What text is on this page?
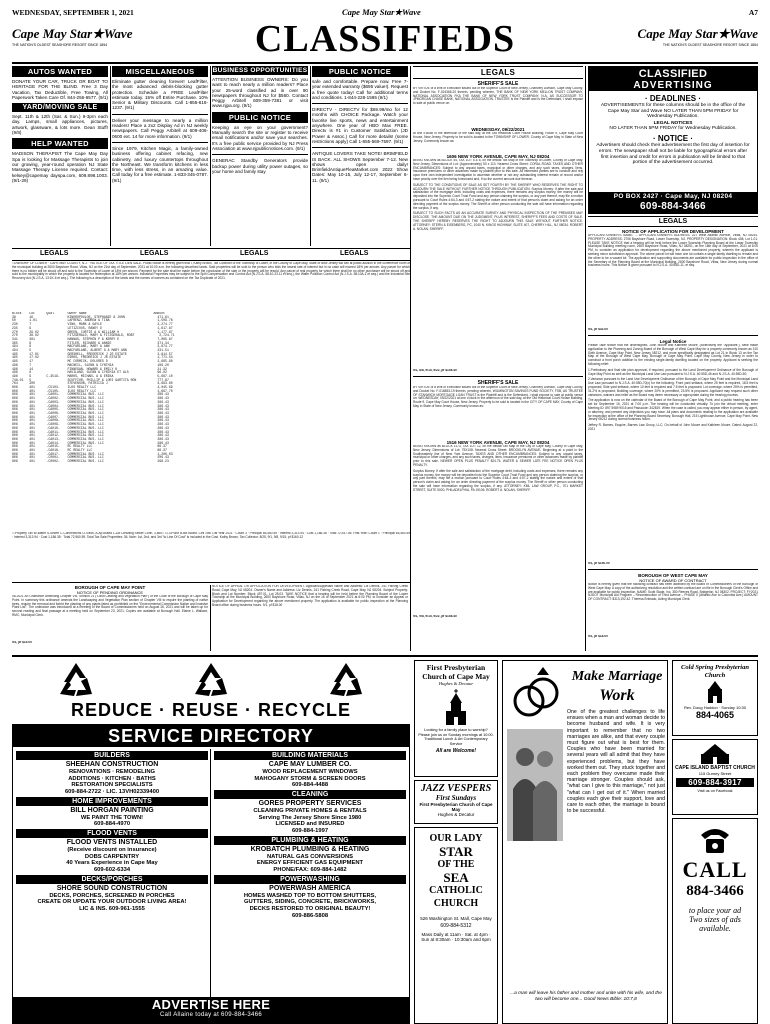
WEDNESDAY, SEPTEMBER 1, 2021	Cape May Star★Wave	A7
Cape May Star★Wave
THE NATION'S OLDEST SEASHORE RESORT SINCE 1854	CLASSIFIEDS	Cape May Star★Wave
THE NATION'S OLDEST SEASHORE RESORT SINCE 1854
AUTOS WANTED
DONATE YOUR CAR, TRUCK OR BOAT TO HERITAGE FOR THE BLIND. Free 3 Day Vacation, Tax Deductible, Free Towing, All Paperwork Taken Care Of. 844-256-6577. (9/1)
YARD/MOVING SALE
Sept. 11th & 12th (Sat. & Sun.) 9-3pm each day. Lamps, small appliances, pictures, artwork, glassware, & lots more. Gean Stuff! (9/8)
HELP WANTED
MADISON THERAPIST The Cape May Day Spa is looking for Massage Therapists to join our growing, year-round operation NJ State Massage Therapy License required. Contact: kelsey@capemay dayspa.com, 609.898.1003. (9/1-29)
MISCELLANEOUS
Eliminate gutter cleaning forever! LeafFilter, the most advanced debris-blocking gutter protection. Schedule a FREE LeafFilter estimate today. 15% off Entire Purchase. 10% Senior & Military Discounts. Call 1-855-616-1237. (9/1)
Deliver your message to nearly a million readers! Place a 2x2 Display Ad in NJ weekly newspapers. Call Peggy Arbitell at 609-406-0600 ext. 14 for more information. (9/1)
Since 1979, Kitchen Magic, a family-owned business offering cabinet refacing, new cabinetry, and luxury countertops throughout the Northeast. We transform kitchens in less time, with less stress, in an amazing value. Call today for a free estimate. 1-833-345-0787. (9/1)
BUSINESS OPPORTUNITIES
ATTENTION BUSINESS OWNERS: Do you want to reach nearly a million readers? Place your 25-word classified ad in over 90 newspapers throughout NJ for $560. Contact Peggy Arbitell 609-359-7381 or visit www.njpa.org. (9/1)
PUBLIC NOTICE
Keeping an eye on your government? Manually search the site or register to receive email notifications and/or save your searches. It's a free public service provided by NJ Press Association at www.njpublicnotices.com. (9/1)
GENERAC Standby Generators provide backup power during utility power outages, so your home and family stay
PUBLIC NOTICE
safe and comfortable. Prepare now. Free 7-year extended warranty ($695 value!). Request a free quote today! Call for additional terms and conditions. 1-844-228-1595 (9/1)
DIRECTV - DIRECTV for $69.99/mo for 12 months with CHOICE Package. Watch your favorite live sports, news and entertainment anywhere. One year of HBO Max FREE. Directv is #1 in Customer Satisfaction (JD Power & Assoc.) Call for more details! (some restrictions apply) Call 1-855-569-7597. (9/1)
ANTIQUE LOVERS TAKE NOTE! BRIMFIELD IS BACK. ALL SHOWS September 7-12. New shows open daily! BrimfieldAntiqueFleaMarket.com 2022 Show Dates: May 10-15, July 12-17, September 6-11. (9/1)
LEGALS
SHERIFF'S SALE
BY VIRTUE of a Writ of Execution issued out of the Superior Court of New Jersey, Chancery Division, Cape May County, and Docket No. F-024365-20 therein, pending wherein, THE BANK OF NEW YORK MELLON TRUST COMPANY, NATIONAL ASSOCIATION FKA THE BANK OF NEW YORK TRUST COMPANY, N.A. AS SUCCESSOR TO JPMORGAN CHASE BANK, NATIONAL ASSOCIATION, TRUSTEE is the Plaintiff and is the Defendant, I shall expose to sale at public venue on:
WEDNESDAY, 09/22/2021
at one o'clock in the afternoon of the said day, at the Old Historical Court House Building, Route 9, Cape May Court House, New Jersey. Property to be sold is located in the TOWNSHIP OF LOWER, County of Cape May in State of New Jersey. Commonly known as:
1606 NEW YORK AVENUE, CAPE MAY, NJ 08204

BEING KNOWN as BLOCK 44, TAX LOT 5 & 6, on the official Tax Map of the Township of Lower, County of Cape May, New Jersey. Dimensions of Lot: (Approximately) 50 x 110. Nearest Cross Street: CORAL ROAD. TAXES AND OTHER ENCUMBRANCES: Subject to any unpaid taxes, municipal or other charges, and any such taxes, charges, liens, insurance premiums or other advances made by plaintiff prior to this sale. All interested parties are to conduct and rely upon their own independent investigation to ascertain whether or not any outstanding interest remain of record and/or have priority over the lien being foreclosed and, if so the current amount due thereon.

SUBJECT TO THE CONDITIONS OF SALE AS SET FOURTH BY THE SHERIFF WHO RESERVES THE RIGHT TO ADJOURN THE SALE WITHOUT FURTHER NOTICE THROUGH PUBLICATION. Surplus Money: If after the sale and satisfaction of the mortgage debt, including costs and expenses, there remains any surplus money, the money will be deposited into the Superior Court Trust Fund and any person claiming the surplus, or any part thereof, may file a motion pursuant to Court Rules 4:64-3 and 4:57-2 stating the nature and extent of that person's claim and asking for an order directing payment of the surplus money. The Sheriff or other person conducting the sale will have information regarding the surplus, if any.

SUBJECT TO SUCH FACTS AS AN ACCURATE SURVEY AND PHYSICAL INSPECTION OF THE PREMISES MAY DISCLOSE. THE AMOUNT DUE ON THE JUDGMENT, PLUS INTEREST, SHERIFF'S FEES AND COSTS OF SALE. THE SHERIFF HEREBY RESERVES THE RIGHT TO ADJOURN THIS SALE WITHOUT FURTHER NOTICE. ATTORNEY: STERN & EISENBERG, PC, 1040 N. KINGS HIGHWAY, SUITE 407, CHERRY HILL, NJ 08034. ROBERT A. NOLAN, SHERIFF.

9/1, 8/8, 9/15, 9/22, pf $158.40
SHERIFF'S SALE
BY VIRTUE of a Writ of Execution issued out of the Superior Court of New Jersey, Chancery Division, Cape May County, and Docket No. F-016853-19 therein, pending wherein, WILMINGTON SAVINGS FUND SOCIETY, FSB, AS TRUSTEE OF STANWICH MORTGAGE LOAN TRUST is the Plaintiff and is the Defendant, I shall expose to sale at public venue on: WEDNESDAY, 09/22/2021 at one o'clock in the afternoon of the said day, at the Old Historical Court House Building, Route 9, Cape May Court House, New Jersey. Property to be sold is located in the CITY OF CAPE MAY, County of Cape May in State of New Jersey. Commonly known as:
1516 NEW YORK AVENUE, CAPE MAY, NJ 08204

BEING KNOWN as BLOCK 1173, TAX LOT 12, on the official Tax Map of the City of Cape May, County of Cape May, New Jersey. Dimensions of Lot: 75X108. Nearest Cross Street: BROOKLYN AVENUE. Beginning at a point in the Southeasterly line of New York Avenue. TAXES AND OTHER ENCUMBRANCES: Subject to any unpaid taxes, municipal or other charges, and any such taxes, charges, liens, insurance premiums or other advances made by plaintiff prior to this sale. NEWER OPEN PLUS PENALTY $24.75. WATER & SEWER LATE FEE NOTICE OPEN PLUS PENALTY.

Surplus Money: If after the sale and satisfaction of the mortgage debt, including costs and expenses, there remains any surplus money, the money will be deposited into the Superior Court Trust Fund and any person claiming the surplus, or any part thereof, may file a motion pursuant to Court Rules 4:64-3 and 4:57-2 stating the nature and extent of that person's claim and asking for an order directing payment of the surplus money. The Sheriff or other person conducting the sale will have information regarding the surplus, if any. ATTORNEY: KML LAW GROUP, P.C., 701 MARKET STREET, SUITE 5000, PHILADELPHIA, PA 19106. ROBERT A. NOLAN, SHERIFF.

9/1, 9/8, 9/15, 9/22, pf $158.40
CLASSIFIED
ADVERTISING
· DEADLINES ·
ADVERTISEMENTS for these columns should be in the office of the Cape May Star and Wave NO LATER THAN 5PM FRIDAY for Wednesday Publication.
LEGAL NOTICES
NO LATER THAN 5PM FRIDAY for Wednesday Publication.
· NOTICE ·
Advertisers should check their advertisement the first day of insertion for errors. The newspaper shall not be liable for typographical errors after first insertion and credit for errors in publication will be limited to that portion of the advertisement occurred.
PO BOX 2427 · Cape May, NJ 08204
609-884-3466
LEGALS
NOTICE OF APPLICATION FOR DEVELOPMENT
APPLICANT/OWNER'S NAME: ... APPLICANT/OWNER'S ADDRESS: 227 West Atlantic Avenue, Villas, NJ 08251. PROPERTY ADDRESS: 2706 Bayshore Road, Lower Township, NJ. PROPERTY DESIGNATION: Block 408, Lot 1.01. PLEASE TAKE NOTICE that a hearing will be held before the Lower Township Planning Board at the Lower Township Municipal Building meeting room, 2600 Bayshore Road, Villas, NJ 08251, on the 16th day of September, 2021 at 6:00 PM, to consider an application for development regarding the above mentioned property, wherein the applicant is seeking minor subdivision approval. The above parcel lot will have one lot contain a single family dwelling to remain and the other to be a vacant lot. The application and supporting documents are available for public inspection in the office of the Secretary of the Planning Board at the Municipal Building, 2600 Bayshore Road, Villas, New Jersey during normal business hours. This Notice is given pursuant to N.J.S.A. 40:55D-11, et seq.
9/1, pf $32.00
Legal Notice

Please Take Notice that the undersigned, John Moore and Kathleen Moore, (collectively the "Applicant"), have made application to the Planning and Zoning Board of the Borough of West Cape May for a property commonly known as 310 Sixth Avenue, Cape May Point, New Jersey 08212, and more specifically designated as Lot 21 in Block 13 on the Tax Map of the Borough of West Cape May, Borough of Cape May Point. Cape May County, New Jersey in order to construct a front porch addition to the existing single-family dwelling located on the property. Applicant is seeking the following relief:

1.Preliminary and final site plan approval, if required, pursuant to the Land Development Ordinance of the Borough of Cape May Point as well as the Municipal Land Use Law pursuant to N.J.S.A. 40:55D-46 and N.J.S.A. 40:55D-50;

2.Variance pursuant to the Land Use Development Ordinance of the Borough of Cape May Point and the Municipal Land Use Law pursuant to N.J.S.A. 40:55D-70(c) for the following: Front yard setback, where 25 feet is required, 18.5 feet is proposed; Side yard setback, where 10 feet is required and 7.5 feet is proposed; Lot coverage, where 25% is permitted, 31.2% is proposed; Building coverage, where 20% is permitted, 23.5% is proposed. Applicant may request such other variances, waivers and relief as the Board may deem necessary or appropriate during the hearing process.

The application is now on the calendar of the Board of the Borough of Cape May Point, and a public hearing has been set for September 15, 2021 at 7:00 p.m. The hearing will be conducted virtually. To join the virtual meeting, enter Meeting ID: 897 5989 9015 and Passcode: 342819. When the case is called, you may appear either in person, by agent, or attorney, and present any objections you may have. All plans and documents relating to the application are available for inspection at the office of the Planning Board Secretary, Borough Hall, 215 Lighthouse Avenue, Cape May Point, New Jersey 08212 during normal business hours.

Jeffrey R. Barnes, Esquire, Barnes Law Group, LLC, On behalf of John Moore and Kathleen Moore. Dated: August 22, 2021

9/1, pf $150.00
BOROUGH OF WEST CAPE MAY
NOTICE OF AWARD OF CONTRACT
Notice is hereby given that the following contract has been awarded by the Board of Commissioners of the Borough of West Cape May. A copy of the authorizing resolution and the written contract are on file in the Borough Clerk's Office and are available for public inspection. NAME: Scott Slade, Inc. 350 Reeves Road, Bridgeton, NJ 08302. PROJECT: FY2021 NJDOT Municipal Aid Program – Reconstruction of Third Avenue – PHASE II (Atlantic Ave to Columbia Ave.) AMOUNT OF CONTRACT: $313,192.42. Theresa Enteado, Acting Municipal Clerk.
9/1, pf $18.00
LEGALS	LEGALS	LEGALS	LEGALS
TOWNSHIP OF LOWER · CAPE MAY COUNTY, N.J. · NOTICE OF TAX TITLE LIEN SALE. Public notice is hereby given that I, Kathy Brown, Tax Collector of the Township of Lower, in the County of Cape May, State of New Jersey will sell at public auction in the conference room of the municipal building at 2600 Bayshore Road, Villas, NJ on the 21st day of September, 2021 at 10:00 a.m. the following described lands. Said properties will be sold to the person who bids the lowest rate of interest but in no case will exceed 18% per annum. Any parcel for which there is no bidder will be struck off and sold to the Township of Lower at 18% per annum. Payment for the sale shall be made before the conclusion of the sale or the property will be resold. Any parcel of real property for which there shall be no other purchaser will be struck off and sold to the municipality in which the property is located for redemption at 18% per annum. Industrial Properties may be subject to the Spill Compensation and Control Act (N.J.S.A. 58:10-23.11 et seq.), the Water Pollution Control Act (N.J.S.A. 58:10A-1 et seq.) and the Industrial Site Recovery Act (N.J.S.A. 13:1K-6 et seq.). The following is a description of the lands and the names of owners as contained on the Tax Duplicate of 2021.
Block    Lot      Qual       Owner Name                                   Amount
38       16                  KINDROPOULOS, STEPHANIE & JOHN                 471.61
50       1.01                LAFRENZ, ANDREW & TINA                         1,509.76
230      7                   VINK, MARK & GAYLE                             2,274.77
235      9                   LETIZIOUS, RANDY D                             1,617.87
270      29.02               GREEN, CURTIS A & WILLIAM H                    1,177.87
270      38.02               FITZGERALD, MARY & FITZGERALD, ROBT             2,724.71
341      301                 HANNAS, STEPHEN P & KERRY E                    7,065.87
365      8                   FITLER, RICHARD & ANNIE                        371.34
494      8                   MACFARLANE, MARY & ANN                         3,674.77
494      5                   MACFARLANE, ALBERT G & MARY ANN                231.51
495      17.01               GERSHELL, FREDERICK J JR ESTATE                2,814.57
495      17.02               DIRKS, FREDERICK J JR ESTATE                   1,771.54
495      17                  MC CORMICK, DOLORES D                          2,665.90
496      7                   MACNEIL, GLENN & CYNTHIA                       189.20
496      14                  FINNEGAN, HOWARD & EMILY K                     21.32
496      8                   HAVILAND, GLENN & CYNTHIA ET ALS               96.02
496      9        C-3519-    MARKS, MICHAEL A & ERIKA                       5,687.10
748.01   5                   SCUFFIOR, PHILLIP & LORI GARTITA RON           777.87
764      300                 STEVENSON, PATRICIA J                          3,693.60
806      401      -C5103-    ILKS REALTY LLC                                4,045.69
806      401      -C5105-    ILKS REALTY LLC                                1,697.70
806      401      -CA001-    COMMERCIAL BUS. LLC                            286.43
806      401      -CA002-    COMMERCIAL BUS. LLC                            286.43
806      401      -CA003-    COMMERCIAL BUS. LLC                            286.43
806      401      -CA004-    COMMERCIAL BUS. LLC                            286.43
806      401      -CA005-    COMMERCIAL BUS. LLC                            286.43
806      401      -CA006-    COMMERCIAL BUS. LLC                            286.43
806      401      -CA007-    COMMERCIAL BUS. LLC                            286.43
806      401      -CA008-    COMMERCIAL BUS. LLC                            286.43
806      401      -CA009-    COMMERCIAL BUS. LLC                            286.43
806      401      -CA010-    COMMERCIAL BUS. LLC                            286.43
806      401      -CA011-    COMMERCIAL BUS. LLC                            286.43
806      401      -CA012-    COMMERCIAL BUS. LLC                            286.43
806      401      -CA013-    COMMERCIAL BUS. LLC                            286.43
806      401      -CA014-    COMMERCIAL BUS. LLC                            286.43
806      401      -CA015-    RC REALTY LLC                                  86.37
806      401      -CA016-    RC REALTY LLC                                  86.37
806      401      -CA017-    COMMERCIAL BUS. LLC                            1,206.03
806      401      -C0001-    COMMERCIAL BUS. LLC                            206.43
806      401      -C0002-    COMMERCIAL BUS. LLC                            298.23
T-Property Tax W-Water S-Sewer C-Connections O-Trash. A-Ap Assed L-Lot Cleaning Sewer Conn. 3,660T. G-GFWM B-BB Board. Cell Tow. List Year 2021 · Count 3 · Principal 65,460.59 · Interest 3,313.94 · Cost 1,186.38 · Total 72,937.06. First Year: Count 1 · Principal 65,460.59 · Interest 3,313.94 · Cost 1,186.38 · Total 72,960.59. Total Tax Sale Properties: 36. Note: 1st, 2nd, and 3rd "to Line Of Cost" is included in the Cost. Kathy Brown, Tax Collector. 8/25, 9/1, 9/8, 9/15, pf $160.12
BOROUGH OF CAPE MAY POINT
NOTICE OF PENDING ORDINANCE
08-2021 An Ordinance Amending Chapter VIII, Section 21 ("Land Clearing and Vegetation Plan") of the Code of the Borough of Cape May Point. In summary this ordinance amends the Landscaping and Vegetation Plan section of Chapter VIII to require the planting of native trees, require the removal and forbid the planting of any plants listed as prohibited on the "Environmental Commission Native and Invasive Plant List". The ordinance was introduced at a meeting of the Board of Commissioners held on August 26, 2021 and will be taken up for second reading and final passage at a meeting held on September 23, 2021. Copies are available at Borough Hall. Elaine L. Wallace, RMC, Municipal Clerk.
9/1, pf $15.00
NOTICE OF APPEAL OR APPLICATION FOR DEVELOPMENT. Applicant/Appellant Name and Address: Liz Dennis, 241 Fishing Creek Road, Cape May, NJ 08204. Owner's Name and Address: Liz Dennis, 241 Fishing Creek Road, Cape May, NJ 08204. Subject Property: Block and Lot Number: Block 497.01, Lot 28.03. TAKE NOTICE that a hearing will be held before the Planning Board of the Lower Township at the Municipal Building, 2600 Bayshore Road, Villas, NJ on the 16 of September 2021 at 6:00 PM, to consider an Appeal or Application for Development regarding the above mentioned property. The application is available for public inspection at the Planning Board office during business hours. 9/1, pf $18.00
REDUCE · REUSE · RECYCLE
SERVICE DIRECTORY
BUILDERS
SHEEHAN CONSTRUCTION
RENOVATIONS · REMODELING
ADDITIONS · KITCHEN · BATHS
RESTORATION SPECIALISTS
609-884-2722 · LIC. 13VH02339400
HOME IMPROVEMENTS
BILL HORGAN PAINTING
WE PAINT THE TOWN!
609-884-4970
FLOOD VENTS
FLOOD VENTS INSTALLED
(Receive discount on insurance)
DOBS CARPENTRY
40 Years Experience in Cape May
609-602-6334
DECKS/PORCHES
SHORE SOUND CONSTRUCTION
DECKS, PORCHES, SCREENED IN PORCHES
CREATE OR UPDATE YOUR OUTDOOR LIVING AREA!
LIC & INS. 609-961-1555
BUILDING MATERIALS
CAPE MAY LUMBER CO.
WOOD REPLACEMENT WINDOWS
MAHOGANY STORM & SCREEN DOORS
609-884-4488
CLEANING
GORES PROPERTY SERVICES
CLEANING PRIVATE HOMES & RENTALS
Serving The Jersey Shore Since 1980
LICENSED and INSURED
609-884-1997
PLUMBING & HEATING
KROBATCH PLUMBING & HEATING
NATURAL GAS CONVERSIONS
ENERGY EFFICIENT GAS EQUIPMENT
PHONE/FAX: 609-884-1482
POWERWASHING
POWERWASH AMERICA
HOMES WASHED TOP TO BOTTOM SHUTTERS,
GUTTERS, SIDING, CONCRETE, BRICKWORKS,
DECKS RESTORED TO ORIGINAL BEAUTY!
609-886-5808
ADVERTISE HERE
Call Allaine today at 609-884-3466
First Presbyterian Church of Cape May
Hughes & Decatur
Looking for a family place to worship? Please join us on Sunday mornings at 10:00. Traditional Lunch & Art Contemporary Service
All are Welcome!
JAZZ VESPERS
First Sundays
First Presbyterian Church of Cape May
Hughes & Decatur
OUR LADY
STAR
OF THE
SEA
CATHOLIC
CHURCH
526 Washington St. Mall, Cape May
609-884-5312
Mass Daily at 11am · Sat. at 4pm · Sun at 8:30am · 10:30am and 6pm
Make Marriage
Work
One of the greatest challenges to life ensues when a man and woman decide to become husband and wife. It is very important to remember that no two marriages are alike, and that every couple must figure out what is best for them. Couples who have been married for several years will all admit that they have experienced problems, but they have worked them out. They stuck together and each problem they overcame made their marriage stronger. Couples should ask, "what can I give to this marriage," not just "what can I get out of it." When married couples each give their support, love and care to each other, the marriage is bound to be successful.
...a man will leave his father and mother and unite with his wife, and the two will become one... Good News Bible: 10:7,8
Cold Spring Presbyterian Church
Rev. Doug Haddon · Sunday 10:30
884-4065
CAPE ISLAND BAPTIST CHURCH
115 Gurney Street
609-884-3917
Visit us on Facebook
CALL
884-3466
to place your ad
Two sizes of ads available.
